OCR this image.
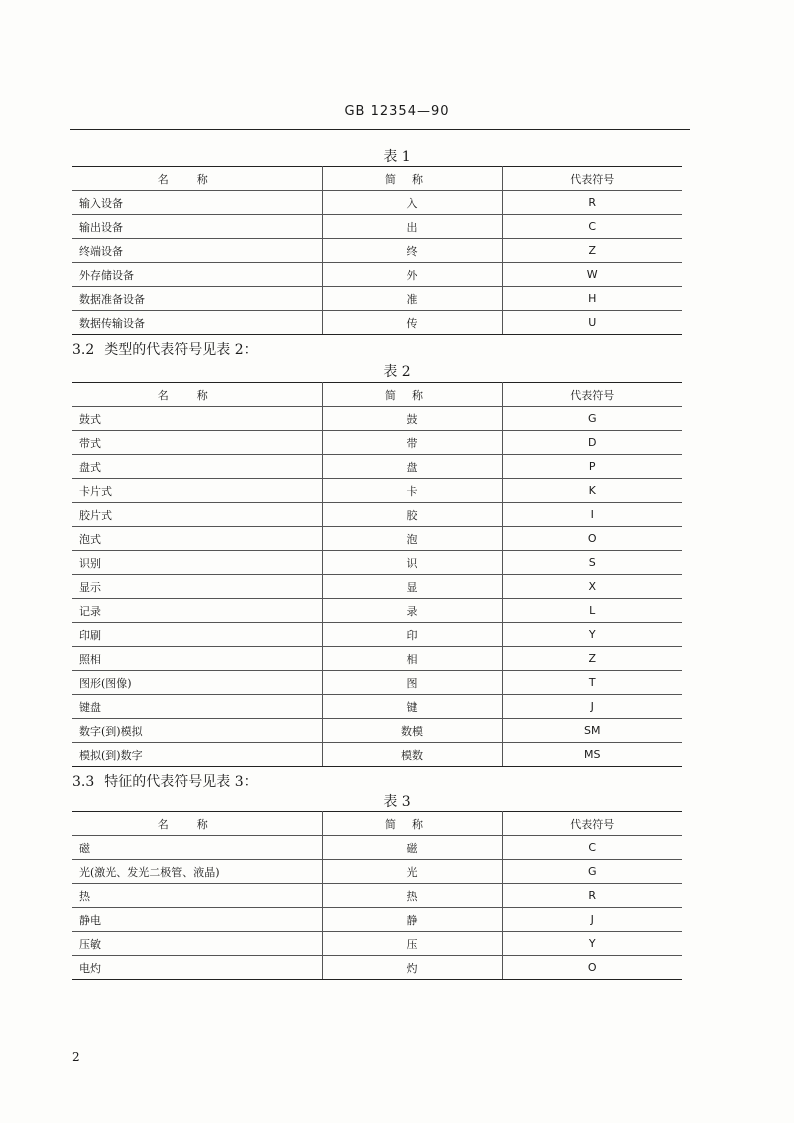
GB 12354—90
表 1
名称	简称	代表符号
输入设备	入	R
输出设备	出	C
终端设备	终	Z
外存储设备	外	W
数据准备设备	准	H
数据传输设备	传	U
3.2 类型的代表符号见表 2：
表 2
名称	简称	代表符号
鼓式	鼓	G
带式	带	D
盘式	盘	P
卡片式	卡	K
胶片式	胶	I
泡式	泡	O
识别	识	S
显示	显	X
记录	录	L
印刷	印	Y
照相	相	Z
图形(图像)	图	T
键盘	键	J
数字(到)模拟	数模	SM
模拟(到)数字	模数	MS
3.3 特征的代表符号见表 3：
表 3
名称	简称	代表符号
磁	磁	C
光(激光、发光二极管、液晶)	光	G
热	热	R
静电	静	J
压敏	压	Y
电灼	灼	O
2
